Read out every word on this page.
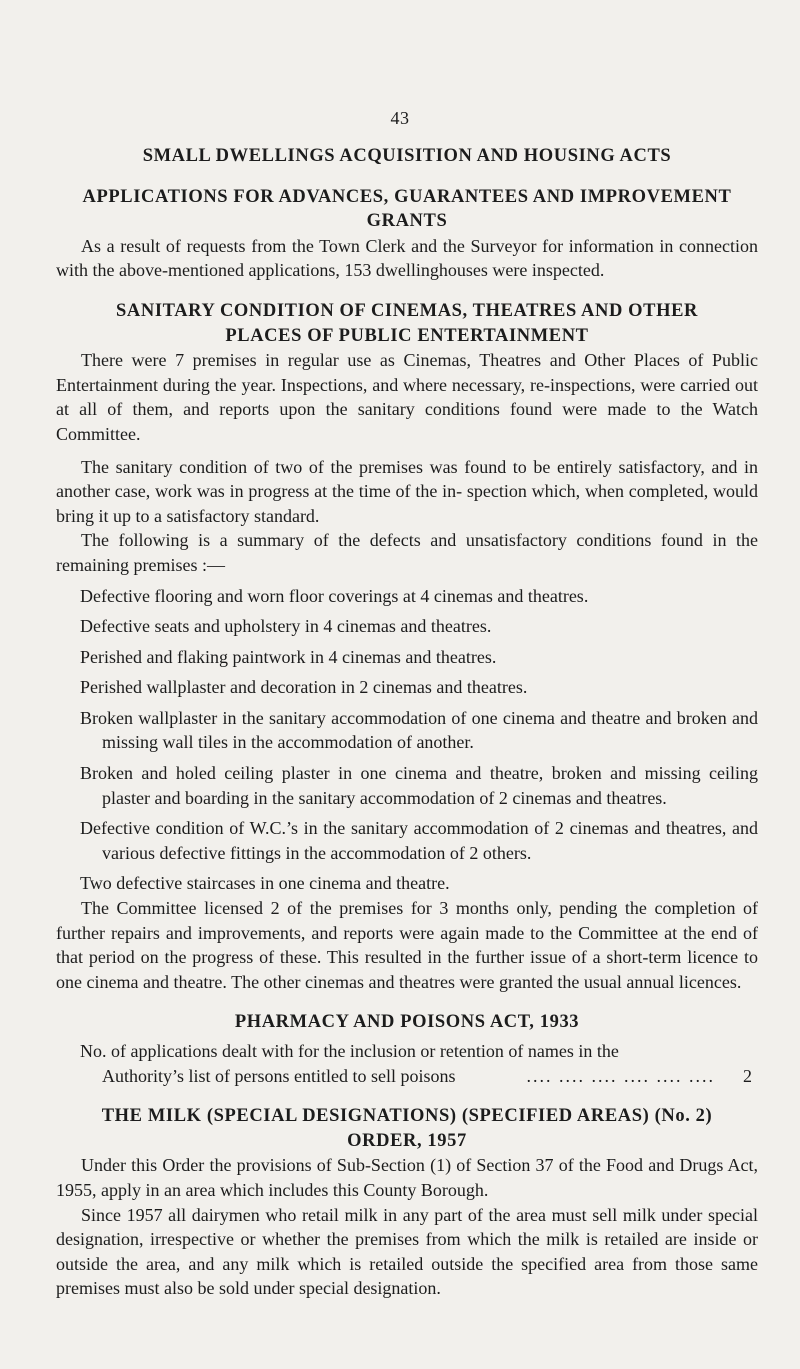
43
SMALL DWELLINGS ACQUISITION AND HOUSING ACTS
APPLICATIONS FOR ADVANCES, GUARANTEES AND IMPROVEMENT
GRANTS

As a result of requests from the Town Clerk and the Surveyor for information in connection with the above-mentioned applications, 153 dwellinghouses were inspected.

SANITARY CONDITION OF CINEMAS, THEATRES AND OTHER
PLACES OF PUBLIC ENTERTAINMENT

There were 7 premises in regular use as Cinemas, Theatres and Other Places of Public Entertainment during the year. Inspections, and where necessary, re-inspections, were carried out at all of them, and reports upon the sanitary conditions found were made to the Watch Committee.

The sanitary condition of two of the premises was found to be entirely satisfactory, and in another case, work was in progress at the time of the in- spection which, when completed, would bring it up to a satisfactory standard.

The following is a summary of the defects and unsatisfactory conditions found in the remaining premises :—

Defective flooring and worn floor coverings at 4 cinemas and theatres.
Defective seats and upholstery in 4 cinemas and theatres.
Perished and flaking paintwork in 4 cinemas and theatres.
Perished wallplaster and decoration in 2 cinemas and theatres.
Broken wallplaster in the sanitary accommodation of one cinema and theatre and broken and missing wall tiles in the accommodation of another.
Broken and holed ceiling plaster in one cinema and theatre, broken and missing ceiling plaster and boarding in the sanitary accommodation of 2 cinemas and theatres.
Defective condition of W.C.’s in the sanitary accommodation of 2 cinemas and theatres, and various defective fittings in the accommodation of 2 others.
Two defective staircases in one cinema and theatre.

The Committee licensed 2 of the premises for 3 months only, pending the completion of further repairs and improvements, and reports were again made to the Committee at the end of that period on the progress of these. This resulted in the further issue of a short-term licence to one cinema and theatre. The other cinemas and theatres were granted the usual annual licences.

PHARMACY AND POISONS ACT, 1933
No. of applications dealt with for the inclusion or retention of names in the
Authority’s list of persons entitled to sell poisons	.... .... .... .... .... ....	2
THE MILK (SPECIAL DESIGNATIONS) (SPECIFIED AREAS) (No. 2)
ORDER, 1957

Under this Order the provisions of Sub-Section (1) of Section 37 of the Food and Drugs Act, 1955, apply in an area which includes this County Borough.

Since 1957 all dairymen who retail milk in any part of the area must sell milk under special designation, irrespective or whether the premises from which the milk is retailed are inside or outside the area, and any milk which is retailed outside the specified area from those same premises must also be sold under special designation.
